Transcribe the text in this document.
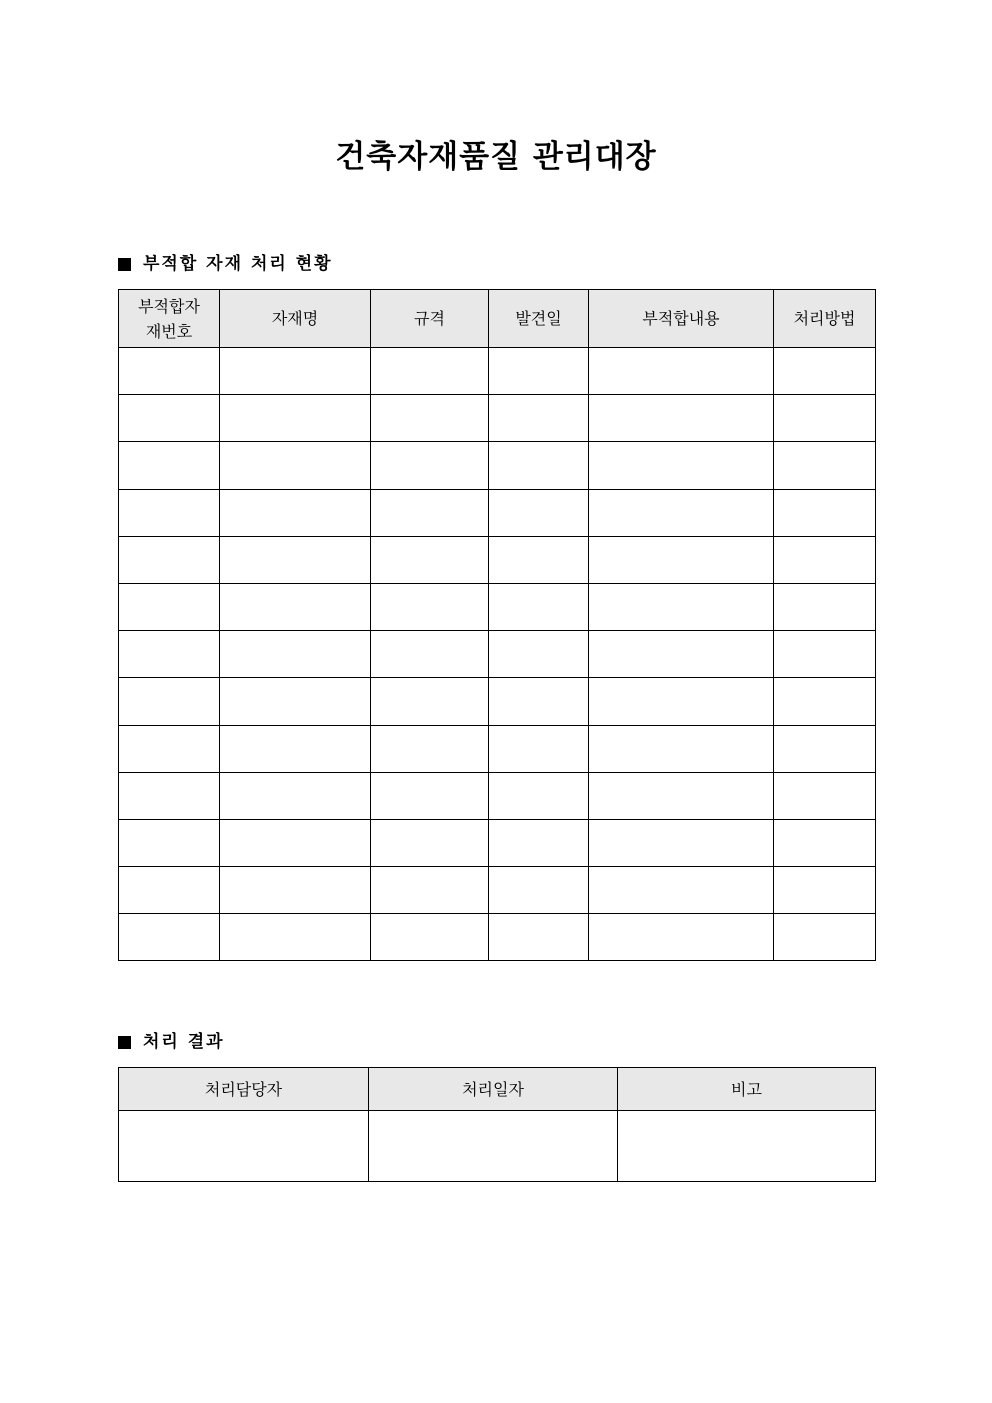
건축자재품질 관리대장
부적합 자재 처리 현황
부적합자
재번호	자재명	규격	발견일	부적합내용	처리방법

처리 결과
처리담당자	처리일자	비고
